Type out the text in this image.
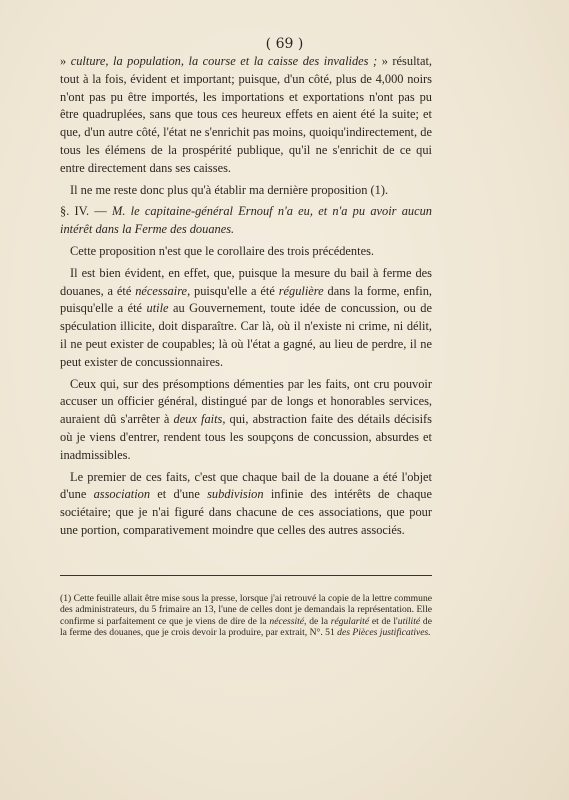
( 69 )

» culture, la population, la course et la caisse des invalides ; » résultat, tout à la fois, évident et important; puisque, d'un côté, plus de 4,000 noirs n'ont pas pu être importés, les importations et exportations n'ont pas pu être quadruplées, sans que tous ces heureux effets en aient été la suite; et que, d'un autre côté, l'état ne s'enrichit pas moins, quoiqu'indirectement, de tous les élémens de la prospérité publique, qu'il ne s'enrichit de ce qui entre directement dans ses caisses.

Il ne me reste donc plus qu'à établir ma dernière proposition (1).

§. IV. — M. le capitaine-général Ernouf n'a eu, et n'a pu avoir aucun intérêt dans la Ferme des douanes.

Cette proposition n'est que le corollaire des trois précédentes.

Il est bien évident, en effet, que, puisque la mesure du bail à ferme des douanes, a été nécessaire, puisqu'elle a été régulière dans la forme, enfin, puisqu'elle a été utile au Gouvernement, toute idée de concussion, ou de spéculation illicite, doit disparaître. Car là, où il n'existe ni crime, ni délit, il ne peut exister de coupables; là où l'état a gagné, au lieu de perdre, il ne peut exister de concussionnaires.

Ceux qui, sur des présomptions démenties par les faits, ont cru pouvoir accuser un officier général, distingué par de longs et honorables services, auraient dû s'arrêter à deux faits, qui, abstraction faite des détails décisifs où je viens d'entrer, rendent tous les soupçons de concussion, absurdes et inadmissibles.

Le premier de ces faits, c'est que chaque bail de la douane a été l'objet d'une association et d'une subdivision infinie des intérêts de chaque sociétaire; que je n'ai figuré dans chacune de ces associations, que pour une portion, comparativement moindre que celles des autres associés.

(1) Cette feuille allait être mise sous la presse, lorsque j'ai retrouvé la copie de la lettre commune des administrateurs, du 5 frimaire an 13, l'une de celles dont je demandais la représentation. Elle confirme si parfaitement ce que je viens de dire de la nécessité, de la régularité et de l'utilité de la ferme des douanes, que je crois devoir la produire, par extrait, N°. 51 des Pièces justificatives.
